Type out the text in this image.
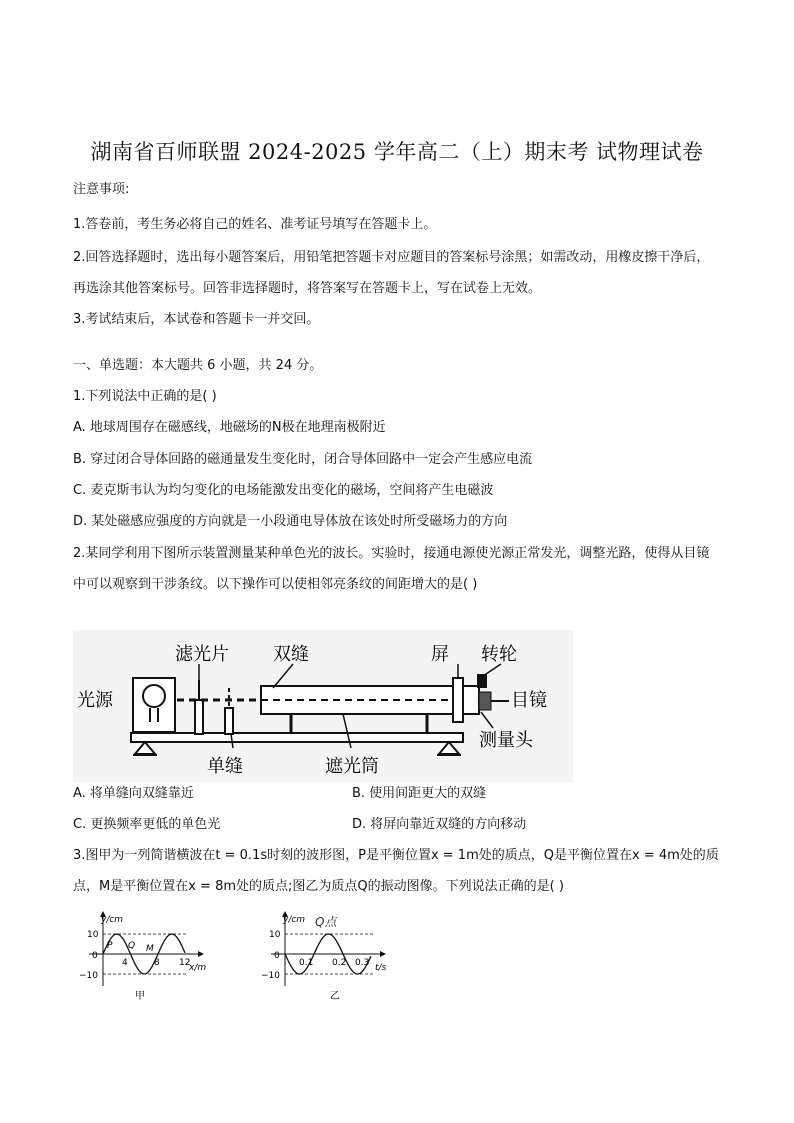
湖南省百师联盟 2024-2025 学年高二（上）期末考 试物理试卷
注意事项:
1.答卷前，考生务必将自己的姓名、准考证号填写在答题卡上。
2.回答选择题时，选出每小题答案后，用铅笔把答题卡对应题目的答案标号涂黑；如需改动，用橡皮擦干净后，再选涂其他答案标号。回答非选择题时，将答案写在答题卡上，写在试卷上无效。
3.考试结束后，本试卷和答题卡一并交回。
一、单选题：本大题共 6 小题，共 24 分。
1.下列说法中正确的是( )
A. 地球周围存在磁感线，地磁场的N极在地理南极附近
B. 穿过闭合导体回路的磁通量发生变化时，闭合导体回路中一定会产生感应电流
C. 麦克斯韦认为均匀变化的电场能激发出变化的磁场，空间将产生电磁波
D. 某处磁感应强度的方向就是一小段通电导体放在该处时所受磁场力的方向
2.某同学利用下图所示装置测量某种单色光的波长。实验时，接通电源使光源正常发光，调整光路，使得从目镜中可以观察到干涉条纹。以下操作可以使相邻亮条纹的间距增大的是( )
光源
滤光片 双缝	屏 转轮
目镜
单缝	遮光筒
测量头
A. 将单缝向双缝靠近	B. 使用间距更大的双缝
C. 更换频率更低的单色光	D. 将屏向靠近双缝的方向移动
3.图甲为一列简谐横波在t = 0.1s时刻的波形图，P是平衡位置x = 1m处的质点，Q是平衡位置在x = 4m处的质点，M是平衡位置在x = 8m处的质点;图乙为质点Q的振动图像。下列说法正确的是( )
y/cm
x/m
10
0
−10
4	8 12
P Q M
甲
y/cm
t/s
10
0
−10
0.1 0.2 0.3
Q点
乙
